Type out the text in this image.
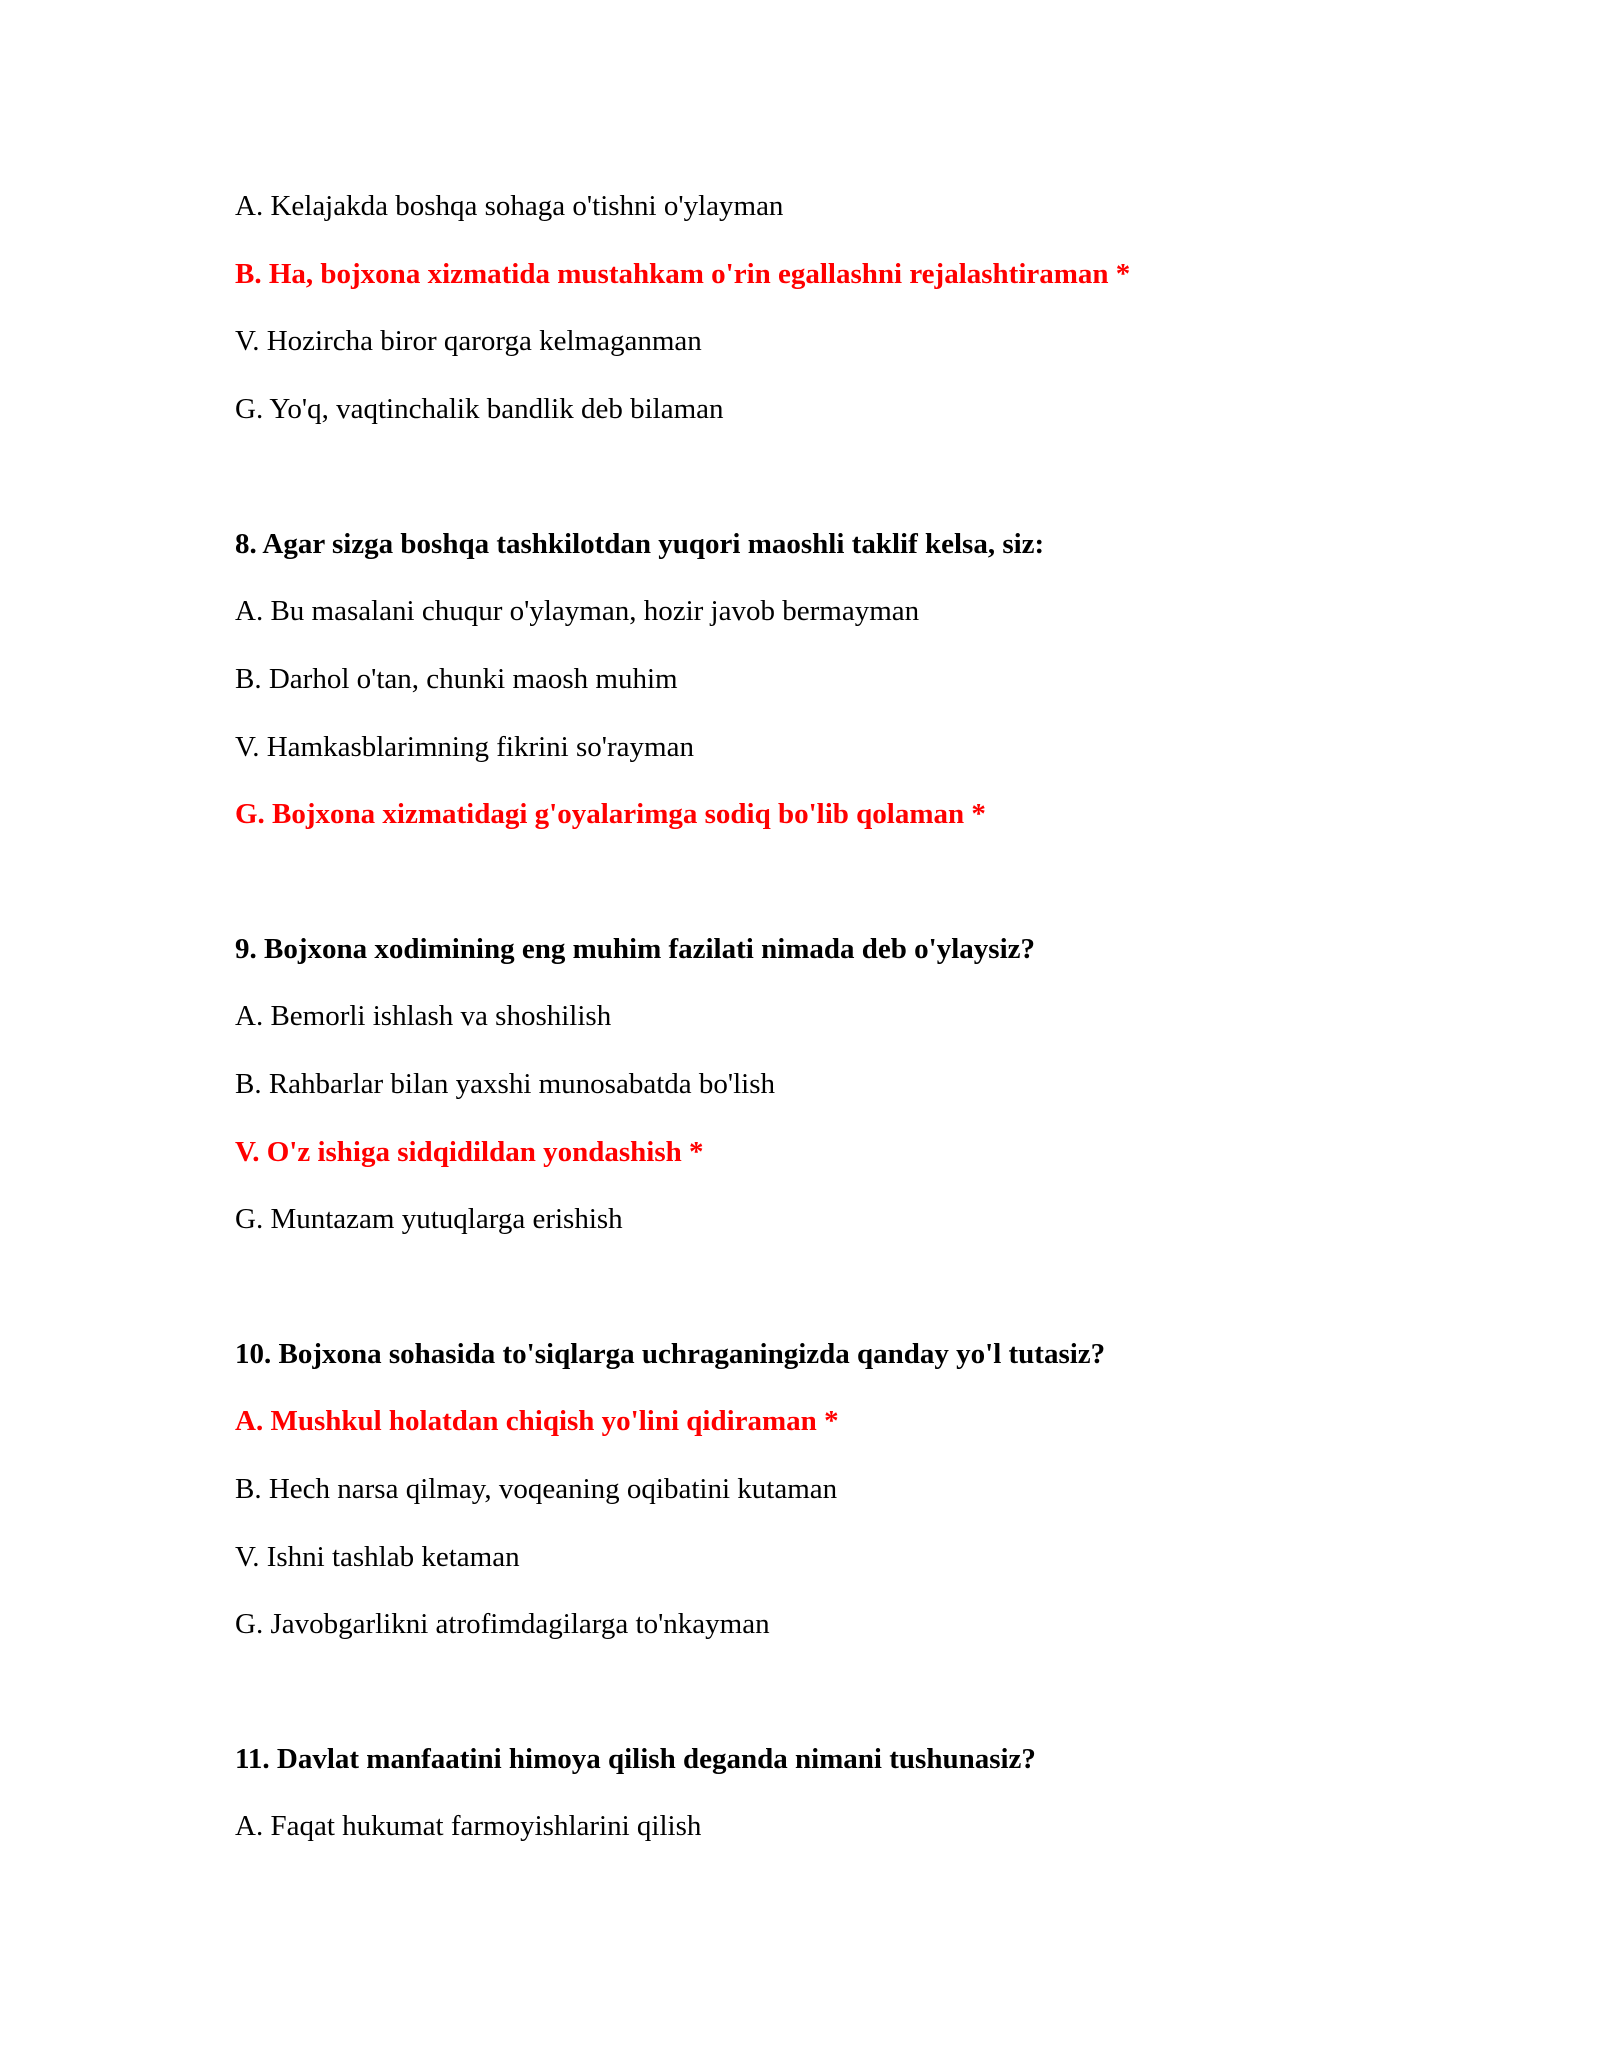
A. Kelajakda boshqa sohaga o'tishni o'ylayman

B. Ha, bojxona xizmatida mustahkam o'rin egallashni rejalashtiraman *

V. Hozircha biror qarorga kelmaganman

G. Yo'q, vaqtinchalik bandlik deb bilaman

8. Agar sizga boshqa tashkilotdan yuqori maoshli taklif kelsa, siz:

A. Bu masalani chuqur o'ylayman, hozir javob bermayman

B. Darhol o'tan, chunki maosh muhim

V. Hamkasblarimning fikrini so'rayman

G. Bojxona xizmatidagi g'oyalarimga sodiq bo'lib qolaman *

9. Bojxona xodimining eng muhim fazilati nimada deb o'ylaysiz?

A. Bemorli ishlash va shoshilish

B. Rahbarlar bilan yaxshi munosabatda bo'lish

V. O'z ishiga sidqidildan yondashish *

G. Muntazam yutuqlarga erishish

10. Bojxona sohasida to'siqlarga uchraganingizda qanday yo'l tutasiz?

A. Mushkul holatdan chiqish yo'lini qidiraman *

B. Hech narsa qilmay, voqeaning oqibatini kutaman

V. Ishni tashlab ketaman

G. Javobgarlikni atrofimdagilarga to'nkayman

11. Davlat manfaatini himoya qilish deganda nimani tushunasiz?

A. Faqat hukumat farmoyishlarini qilish
